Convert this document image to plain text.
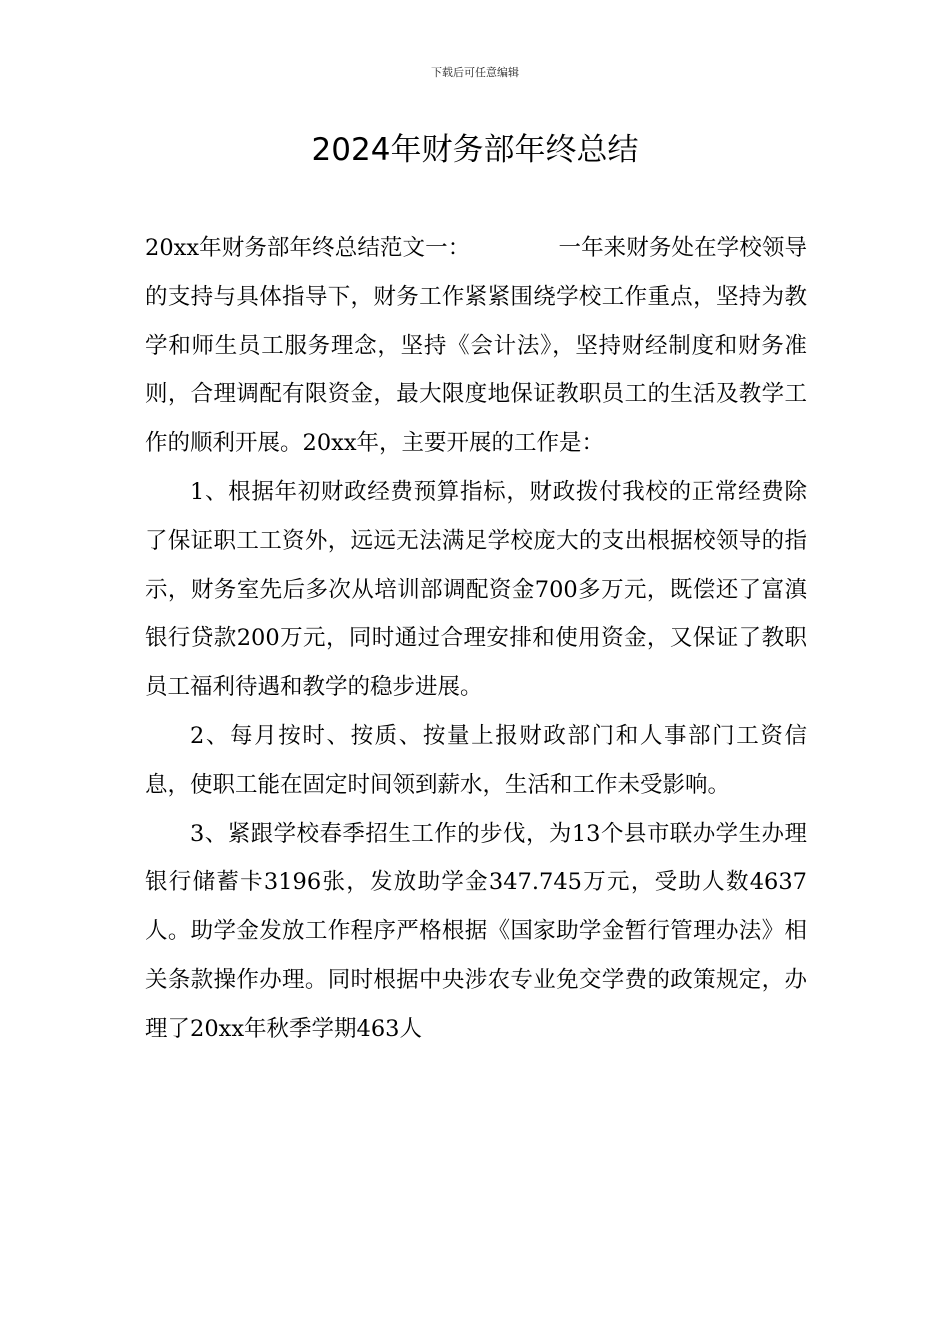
下载后可任意编辑
2024年财务部年终总结

20xx年财务部年终总结范文一：	一年来财务处在学校领导的支持与具体指导下，财务工作紧紧围绕学校工作重点，坚持为教学和师生员工服务理念，坚持《会计法》，坚持财经制度和财务准则，合理调配有限资金，最大限度地保证教职员工的生活及教学工作的顺利开展。20xx年，主要开展的工作是：

1、根据年初财政经费预算指标，财政拨付我校的正常经费除了保证职工工资外，远远无法满足学校庞大的支出根据校领导的指示，财务室先后多次从培训部调配资金700多万元，既偿还了富滇银行贷款200万元，同时通过合理安排和使用资金，又保证了教职员工福利待遇和教学的稳步进展。

2、每月按时、按质、按量上报财政部门和人事部门工资信息，使职工能在固定时间领到薪水，生活和工作未受影响。

3、紧跟学校春季招生工作的步伐，为13个县市联办学生办理银行储蓄卡3196张，发放助学金347.745万元，受助人数4637人。助学金发放工作程序严格根据《国家助学金暂行管理办法》相关条款操作办理。同时根据中央涉农专业免交学费的政策规定，办理了20xx年秋季学期463人
